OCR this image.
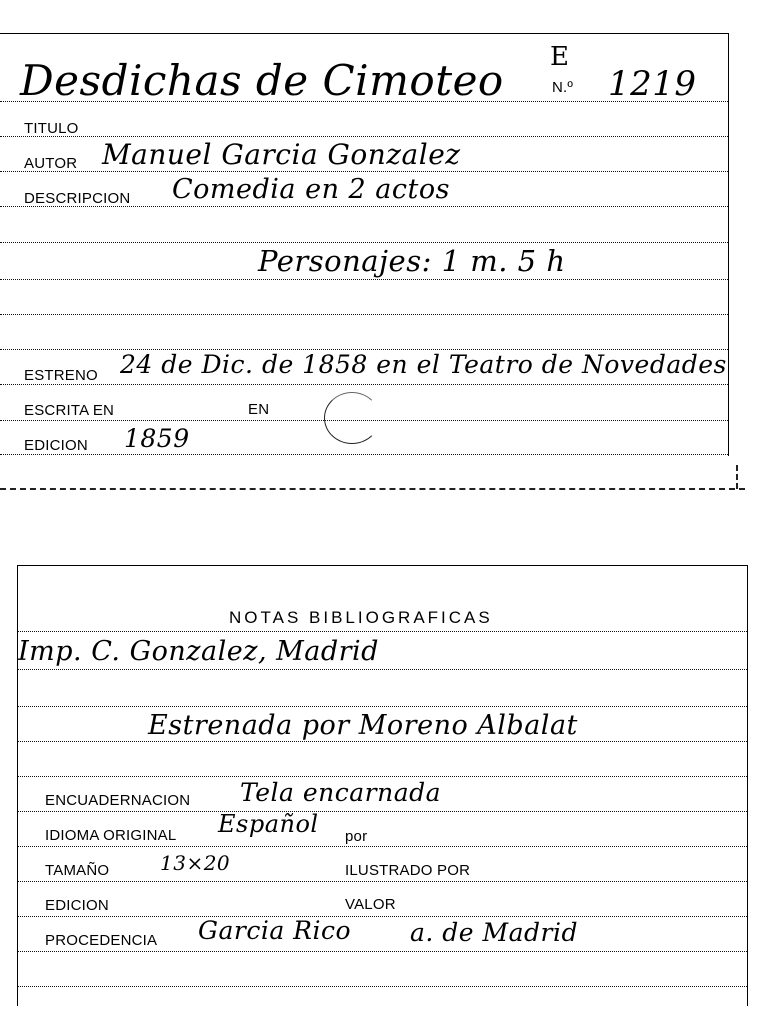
Desdichas de Cimoteo E
N.º 1219
TITULO
AUTOR Manuel Garcia Gonzalez
DESCRIPCION Comedia en 2 actos
Personajes: 1 m. 5 h
ESTRENO 24 de Dic. de 1858 en el Teatro de Novedades
ESCRITA EN	EN
EDICION 1859
NOTAS BIBLIOGRAFICAS
Imp. C. Gonzalez, Madrid
Estrenada por Moreno Albalat
ENCUADERNACION Tela encarnada
IDIOMA ORIGINAL Español por
TAMAÑO	13×20	ILUSTRADO POR
EDICION	VALOR
PROCEDENCIA Garcia Rico a. de Madrid
